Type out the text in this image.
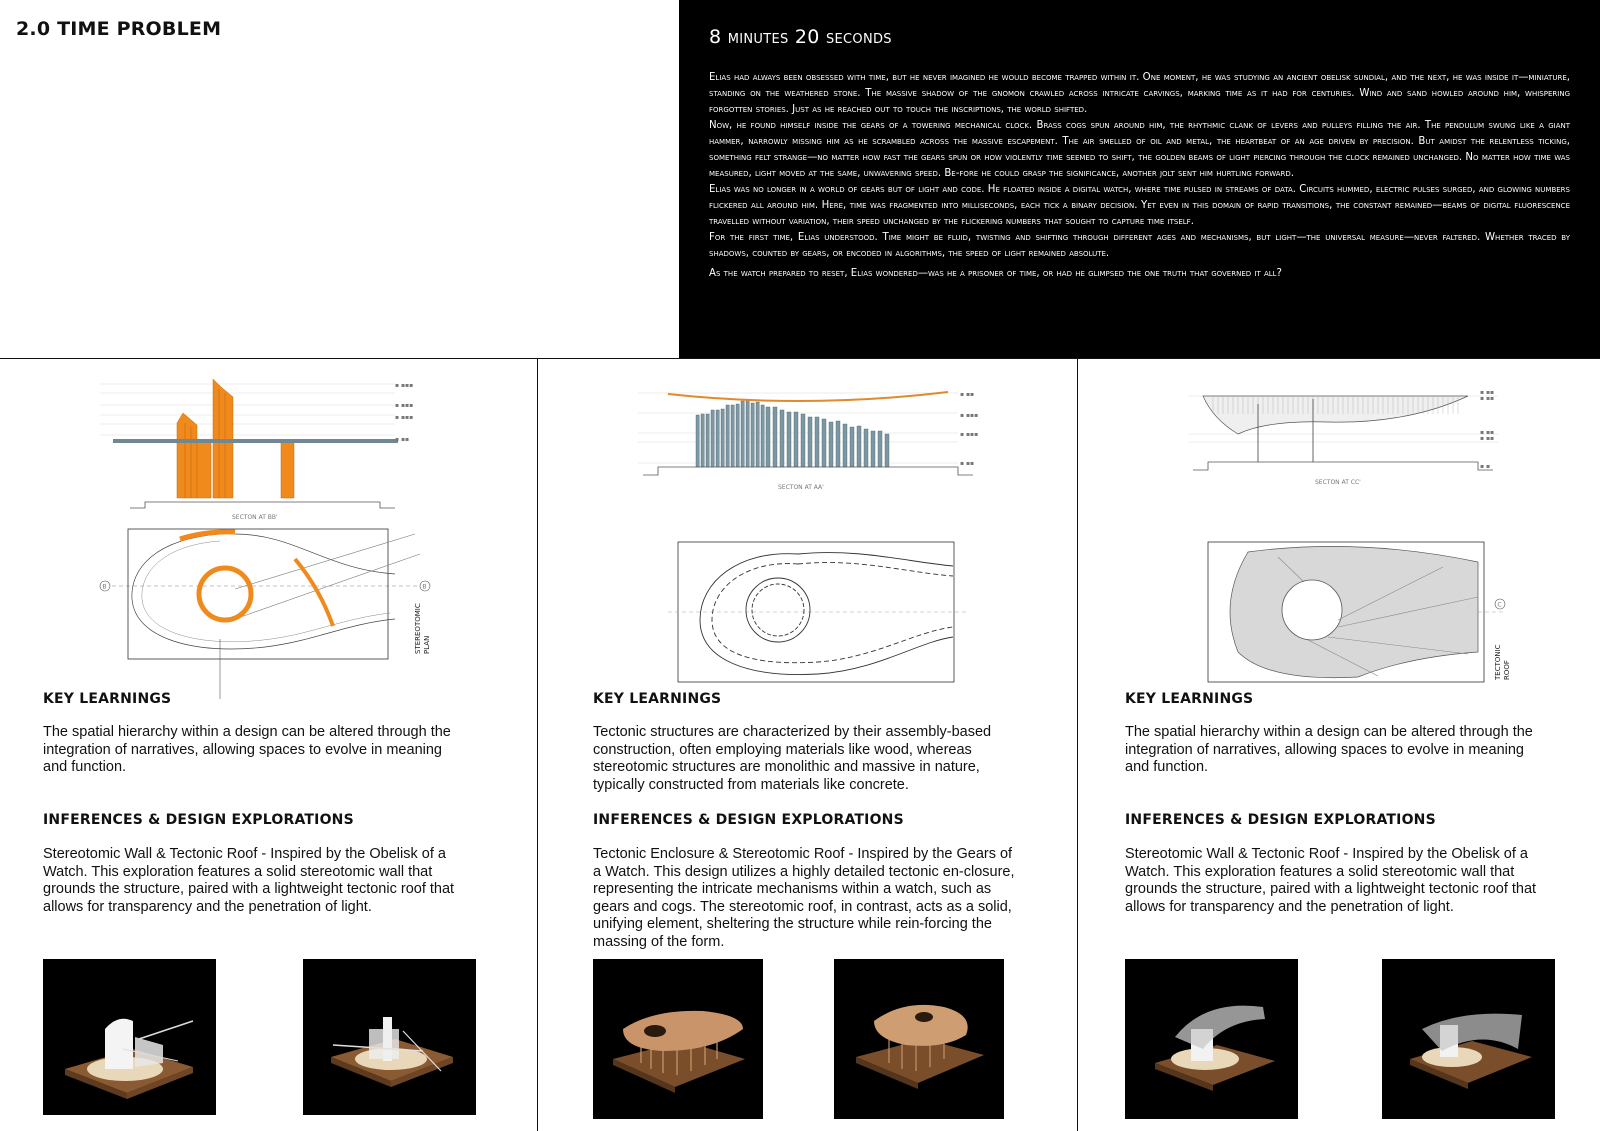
2.0 TIME PROBLEM	8 minutes 20 seconds

Elias had always been obsessed with time, but he never imagined he would become trapped within it. One moment, he was studying an ancient obelisk sundial, and the next, he was inside it—miniature, standing on the weathered stone. The massive shadow of the gnomon crawled across intricate carvings, marking time as it had for centuries. Wind and sand howled around him, whispering forgotten stories. Just as he reached out to touch the inscriptions, the world shifted.

Now, he found himself inside the gears of a towering mechanical clock. Brass cogs spun around him, the rhythmic clank of levers and pulleys filling the air. The pendulum swung like a giant hammer, narrowly missing him as he scrambled across the massive escapement. The air smelled of oil and metal, the heartbeat of an age driven by precision. But amidst the relentless ticking, something felt strange—no matter how fast the gears spun or how violently time seemed to shift, the golden beams of light piercing through the clock remained unchanged. No matter how time was measured, light moved at the same, unwavering speed. Be-fore he could grasp the significance, another jolt sent him hurtling forward.

Elias was no longer in a world of gears but of light and code. He floated inside a digital watch, where time pulsed in streams of data. Circuits hummed, electric pulses surged, and glowing numbers flickered all around him. Here, time was fragmented into milliseconds, each tick a binary decision. Yet even in this domain of rapid transitions, the constant remained—beams of digital fluorescence travelled without variation, their speed unchanged by the flickering numbers that sought to capture time itself.

For the first time, Elias understood. Time might be fluid, twisting and shifting through different ages and mechanisms, but light—the universal measure—never faltered. Whether traced by shadows, counted by gears, or encoded in algorithms, the speed of light remained absolute.

As the watch prepared to reset, Elias wondered—was he a prisoner of time, or had he glimpsed the one truth that governed it all?

▪ ▪▪▪
▪ ▪▪▪
▪ ▪▪▪
▪ ▪▪
SECTON AT BB'
B	B
STEREOTOMIC PLAN
KEY LEARNINGS
The spatial hierarchy within a design can be altered through the integration of narratives, allowing spaces to evolve in meaning and function.
INFERENCES & DESIGN EXPLORATIONS
Stereotomic Wall & Tectonic Roof - Inspired by the Obelisk of a Watch. This exploration features a solid stereotomic wall that grounds the structure, paired with a lightweight tectonic roof that allows for transparency and the penetration of light.
▪ ▪▪
▪ ▪▪▪
▪ ▪▪▪
▪ ▪▪
SECTON AT AA'
KEY LEARNINGS
Tectonic structures are characterized by their assembly-based construction, often employing materials like wood, whereas stereotomic structures are monolithic and massive in nature, typically constructed from materials like concrete.
INFERENCES & DESIGN EXPLORATIONS
Tectonic Enclosure & Stereotomic Roof - Inspired by the Gears of a Watch. This design utilizes a highly detailed tectonic en-closure, representing the intricate mechanisms within a watch, such as gears and cogs. The stereotomic roof, in contrast, acts as a solid, unifying element, sheltering the structure while rein-forcing the massing of the form.
▪ ▪▪
▪ ▪▪
▪ ▪▪
▪ ▪▪
▪ ▪
SECTON AT CC'
C
TECTONIC ROOF
KEY LEARNINGS
The spatial hierarchy within a design can be altered through the integration of narratives, allowing spaces to evolve in meaning and function.
INFERENCES & DESIGN EXPLORATIONS
Stereotomic Wall & Tectonic Roof - Inspired by the Obelisk of a Watch. This exploration features a solid stereotomic wall that grounds the structure, paired with a lightweight tectonic roof that allows for transparency and the penetration of light.
